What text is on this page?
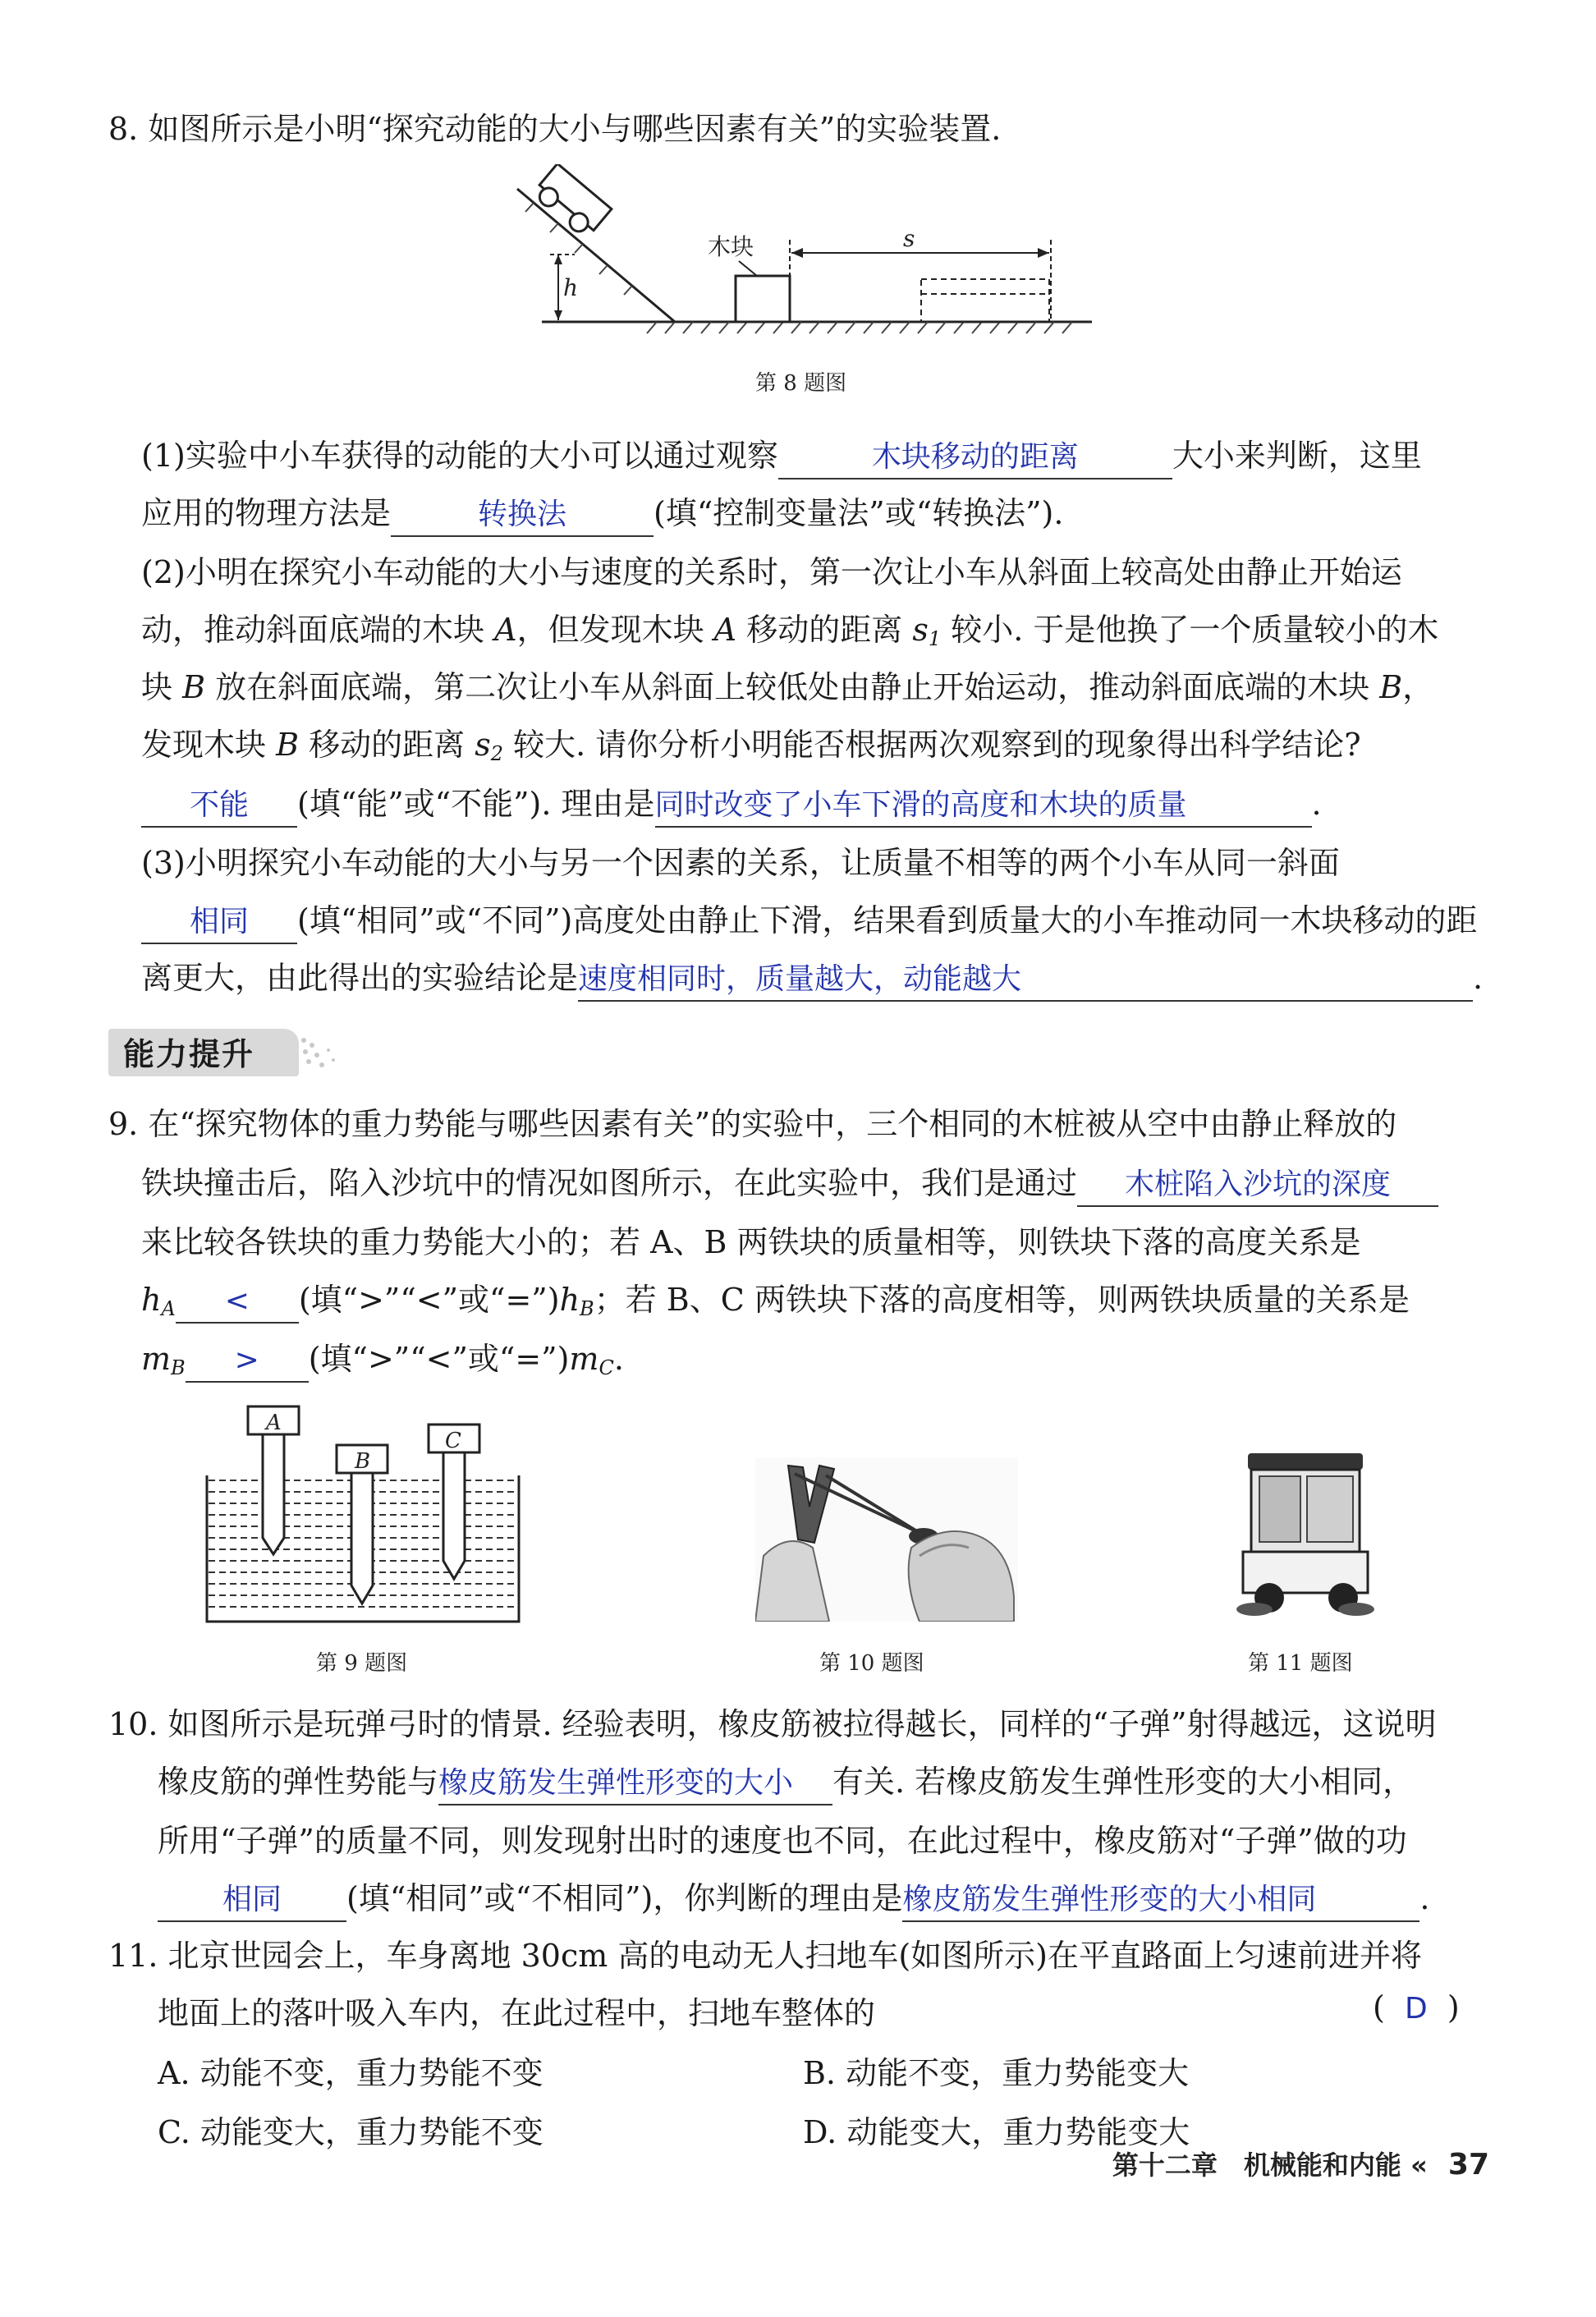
8. 如图所示是小明“探究动能的大小与哪些因素有关”的实验装置.
h
木块	s
第 8 题图
(1)实验中小车获得的动能的大小可以通过观察	木块移动的距离	大小来判断，这里
应用的物理方法是	转换法	(填“控制变量法”或“转换法”).
(2)小明在探究小车动能的大小与速度的关系时，第一次让小车从斜面上较高处由静止开始运
动，推动斜面底端的木块 A，但发现木块 A 移动的距离 $s_1$ 较小. 于是他换了一个质量较小的木
块 B 放在斜面底端，第二次让小车从斜面上较低处由静止开始运动，推动斜面底端的木块 B，
发现木块 B 移动的距离 $s_2$ 较大. 请你分析小明能否根据两次观察到的现象得出科学结论?
不能 (填“能”或“不能”). 理由是同时改变了小车下滑的高度和木块的质量	.
(3)小明探究小车动能的大小与另一个因素的关系，让质量不相等的两个小车从同一斜面
相同 (填“相同”或“不同”)高度处由静止下滑，结果看到质量大的小车推动同一木块移动的距
离更大，由此得出的实验结论是速度相同时，质量越大，动能越大	.
能力提升
9. 在“探究物体的重力势能与哪些因素有关”的实验中，三个相同的木桩被从空中由静止释放的
铁块撞击后，陷入沙坑中的情况如图所示，在此实验中，我们是通过 木桩陷入沙坑的深度
来比较各铁块的重力势能大小的；若 A、B 两铁块的质量相等，则铁块下落的高度关系是
$h_A$ < (填“>”“<”或“$=”)h_B$；若 B、C 两铁块下落的高度相等，则两铁块质量的关系是
$m_B$ > (填“>”“<”或“$=”)m_C$.
A
B
C
第 9 题图	第 10 题图	第 11 题图
10. 如图所示是玩弹弓时的情景. 经验表明，橡皮筋被拉得越长，同样的“子弹”射得越远，这说明
橡皮筋的弹性势能与橡皮筋发生弹性形变的大小 有关. 若橡皮筋发生弹性形变的大小相同，
所用“子弹”的质量不同，则发现射出时的速度也不同，在此过程中，橡皮筋对“子弹”做的功
相同 (填“相同”或“不相同”)，你判断的理由是橡皮筋发生弹性形变的大小相同	.
11. 北京世园会上，车身离地 30cm 高的电动无人扫地车(如图所示)在平直路面上匀速前进并将
地面上的落叶吸入车内，在此过程中，扫地车整体的	( D )
A. 动能不变，重力势能不变	B. 动能不变，重力势能变大
C. 动能变大，重力势能不变	D. 动能变大，重力势能变大
第十二章　机械能和内能 « 37
